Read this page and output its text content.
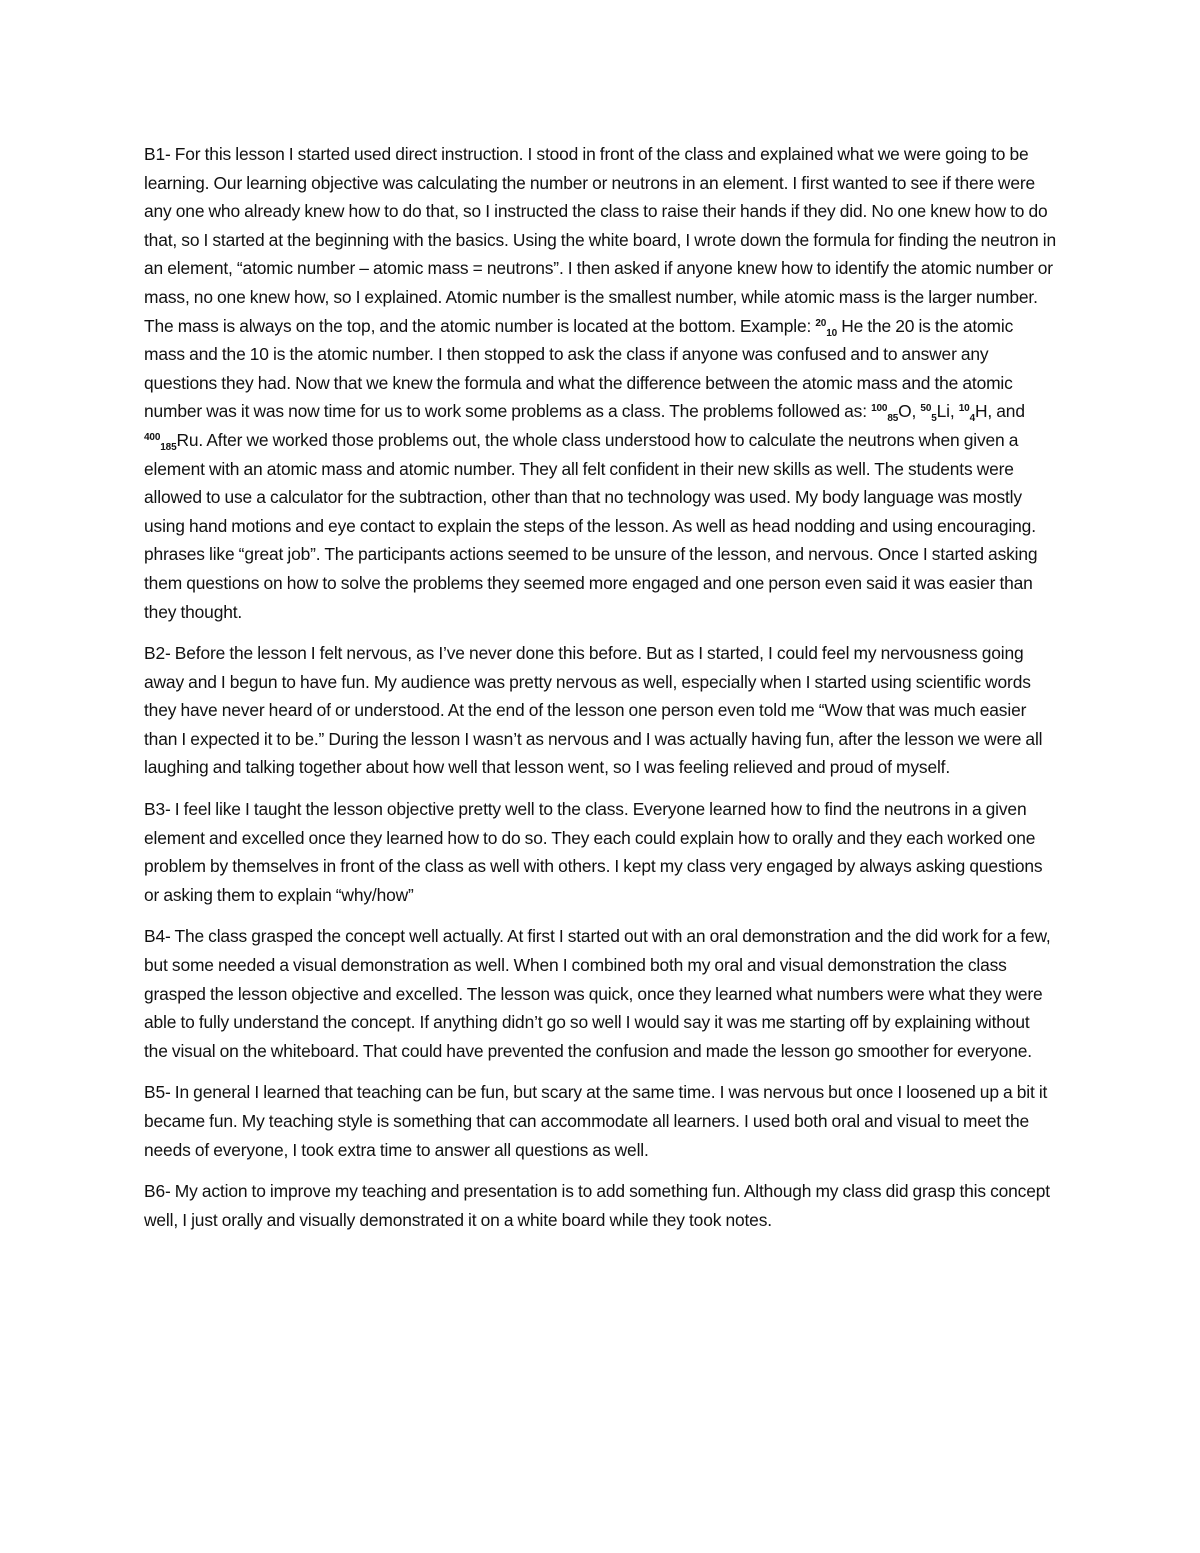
B1- For this lesson I started used direct instruction. I stood in front of the class and explained what we were going to be learning. Our learning objective was calculating the number or neutrons in an element. I first wanted to see if there were any one who already knew how to do that, so I instructed the class to raise their hands if they did. No one knew how to do that, so I started at the beginning with the basics. Using the white board, I wrote down the formula for finding the neutron in an element, “atomic number – atomic mass = neutrons”. I then asked if anyone knew how to identify the atomic number or mass, no one knew how, so I explained. Atomic number is the smallest number, while atomic mass is the larger number. The mass is always on the top, and the atomic number is located at the bottom. Example: $^{20}_{10}$ He the 20 is the atomic mass and the 10 is the atomic number. I then stopped to ask the class if anyone was confused and to answer any questions they had. Now that we knew the formula and what the difference between the atomic mass and the atomic number was it was now time for us to work some problems as a class. The problems followed as: $^{100}_{85}$O, $^{50}_5$Li, $^{10}_4$H, and $^{400}_{185}$Ru. After we worked those problems out, the whole class understood how to calculate the neutrons when given a element with an atomic mass and atomic number. They all felt confident in their new skills as well. The students were allowed to use a calculator for the subtraction, other than that no technology was used. My body language was mostly using hand motions and eye contact to explain the steps of the lesson. As well as head nodding and using encouraging. phrases like “great job”. The participants actions seemed to be unsure of the lesson, and nervous. Once I started asking them questions on how to solve the problems they seemed more engaged and one person even said it was easier than they thought.

B2- Before the lesson I felt nervous, as I’ve never done this before. But as I started, I could feel my nervousness going away and I begun to have fun. My audience was pretty nervous as well, especially when I started using scientific words they have never heard of or understood. At the end of the lesson one person even told me “Wow that was much easier than I expected it to be.” During the lesson I wasn’t as nervous and I was actually having fun, after the lesson we were all laughing and talking together about how well that lesson went, so I was feeling relieved and proud of myself.

B3- I feel like I taught the lesson objective pretty well to the class. Everyone learned how to find the neutrons in a given element and excelled once they learned how to do so. They each could explain how to orally and they each worked one problem by themselves in front of the class as well with others. I kept my class very engaged by always asking questions or asking them to explain “why/how”

B4- The class grasped the concept well actually. At first I started out with an oral demonstration and the did work for a few, but some needed a visual demonstration as well. When I combined both my oral and visual demonstration the class grasped the lesson objective and excelled. The lesson was quick, once they learned what numbers were what they were able to fully understand the concept. If anything didn’t go so well I would say it was me starting off by explaining without the visual on the whiteboard. That could have prevented the confusion and made the lesson go smoother for everyone.

B5- In general I learned that teaching can be fun, but scary at the same time. I was nervous but once I loosened up a bit it became fun. My teaching style is something that can accommodate all learners. I used both oral and visual to meet the needs of everyone, I took extra time to answer all questions as well.

B6- My action to improve my teaching and presentation is to add something fun. Although my class did grasp this concept well, I just orally and visually demonstrated it on a white board while they took notes.
